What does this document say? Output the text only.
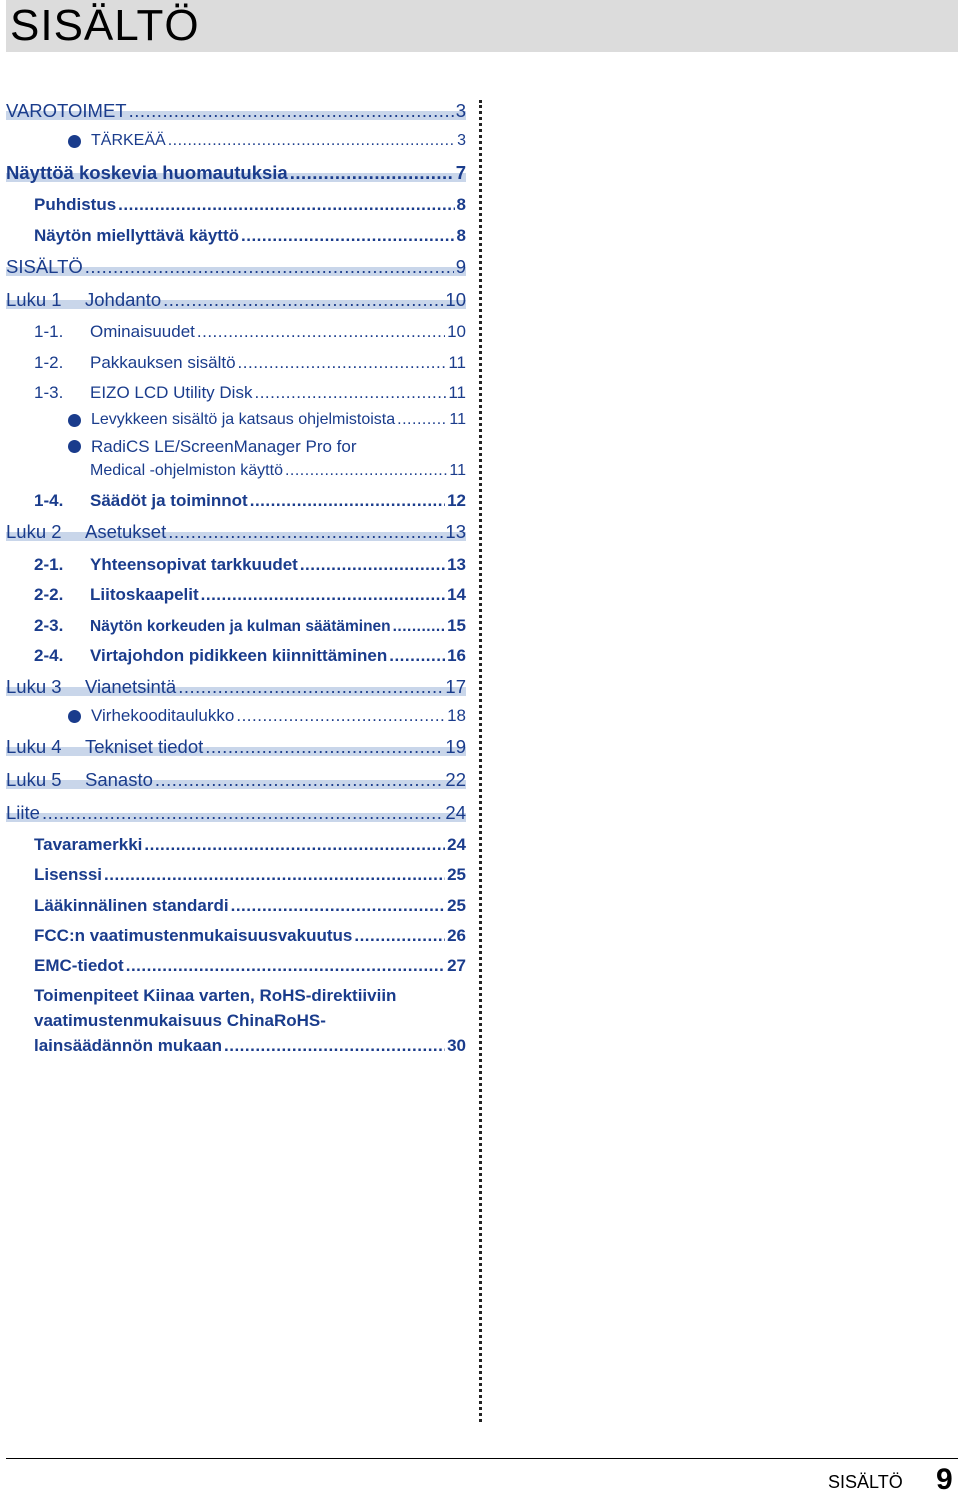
SISÄLTÖ
VAROTOIMET .....	3
TÄRKEÄÄ .....	3
Näyttöä koskevia huomautuksia .....	7
Puhdistus .....	8
Näytön miellyttävä käyttö .....	8
SISÄLTÖ .....	9
Luku 1	Johdanto .....	10
1-1.	Ominaisuudet .....	10
1-2.	Pakkauksen sisältö .....	11
1-3.	EIZO LCD Utility Disk .....	11
Levykkeen sisältö ja katsaus ohjelmistoista .....	11
RadiCS LE/ScreenManager Pro for
Medical -ohjelmiston käyttö .....	11
1-4.	Säädöt ja toiminnot .....	12
Luku 2	Asetukset .....	13
2-1.	Yhteensopivat tarkkuudet .....	13
2-2.	Liitoskaapelit .....	14
2-3.	Näytön korkeuden ja kulman säätäminen .....	15
2-4.	Virtajohdon pidikkeen kiinnittäminen .....	16
Luku 3	Vianetsintä .....	17
Virhekooditaulukko .....	18
Luku 4	Tekniset tiedot .....	19
Luku 5	Sanasto .....	22
Liite .....	24
Tavaramerkki .....	24
Lisenssi .....	25
Lääkinnälinen standardi .....	25
FCC:n vaatimustenmukaisuusvakuutus .....	26
EMC-tiedot .....	27
Toimenpiteet Kiinaa varten, RoHS-direktiiviin
vaatimustenmukaisuus ChinaRoHS-
lainsäädännön mukaan .....	30
SISÄLTÖ 9
